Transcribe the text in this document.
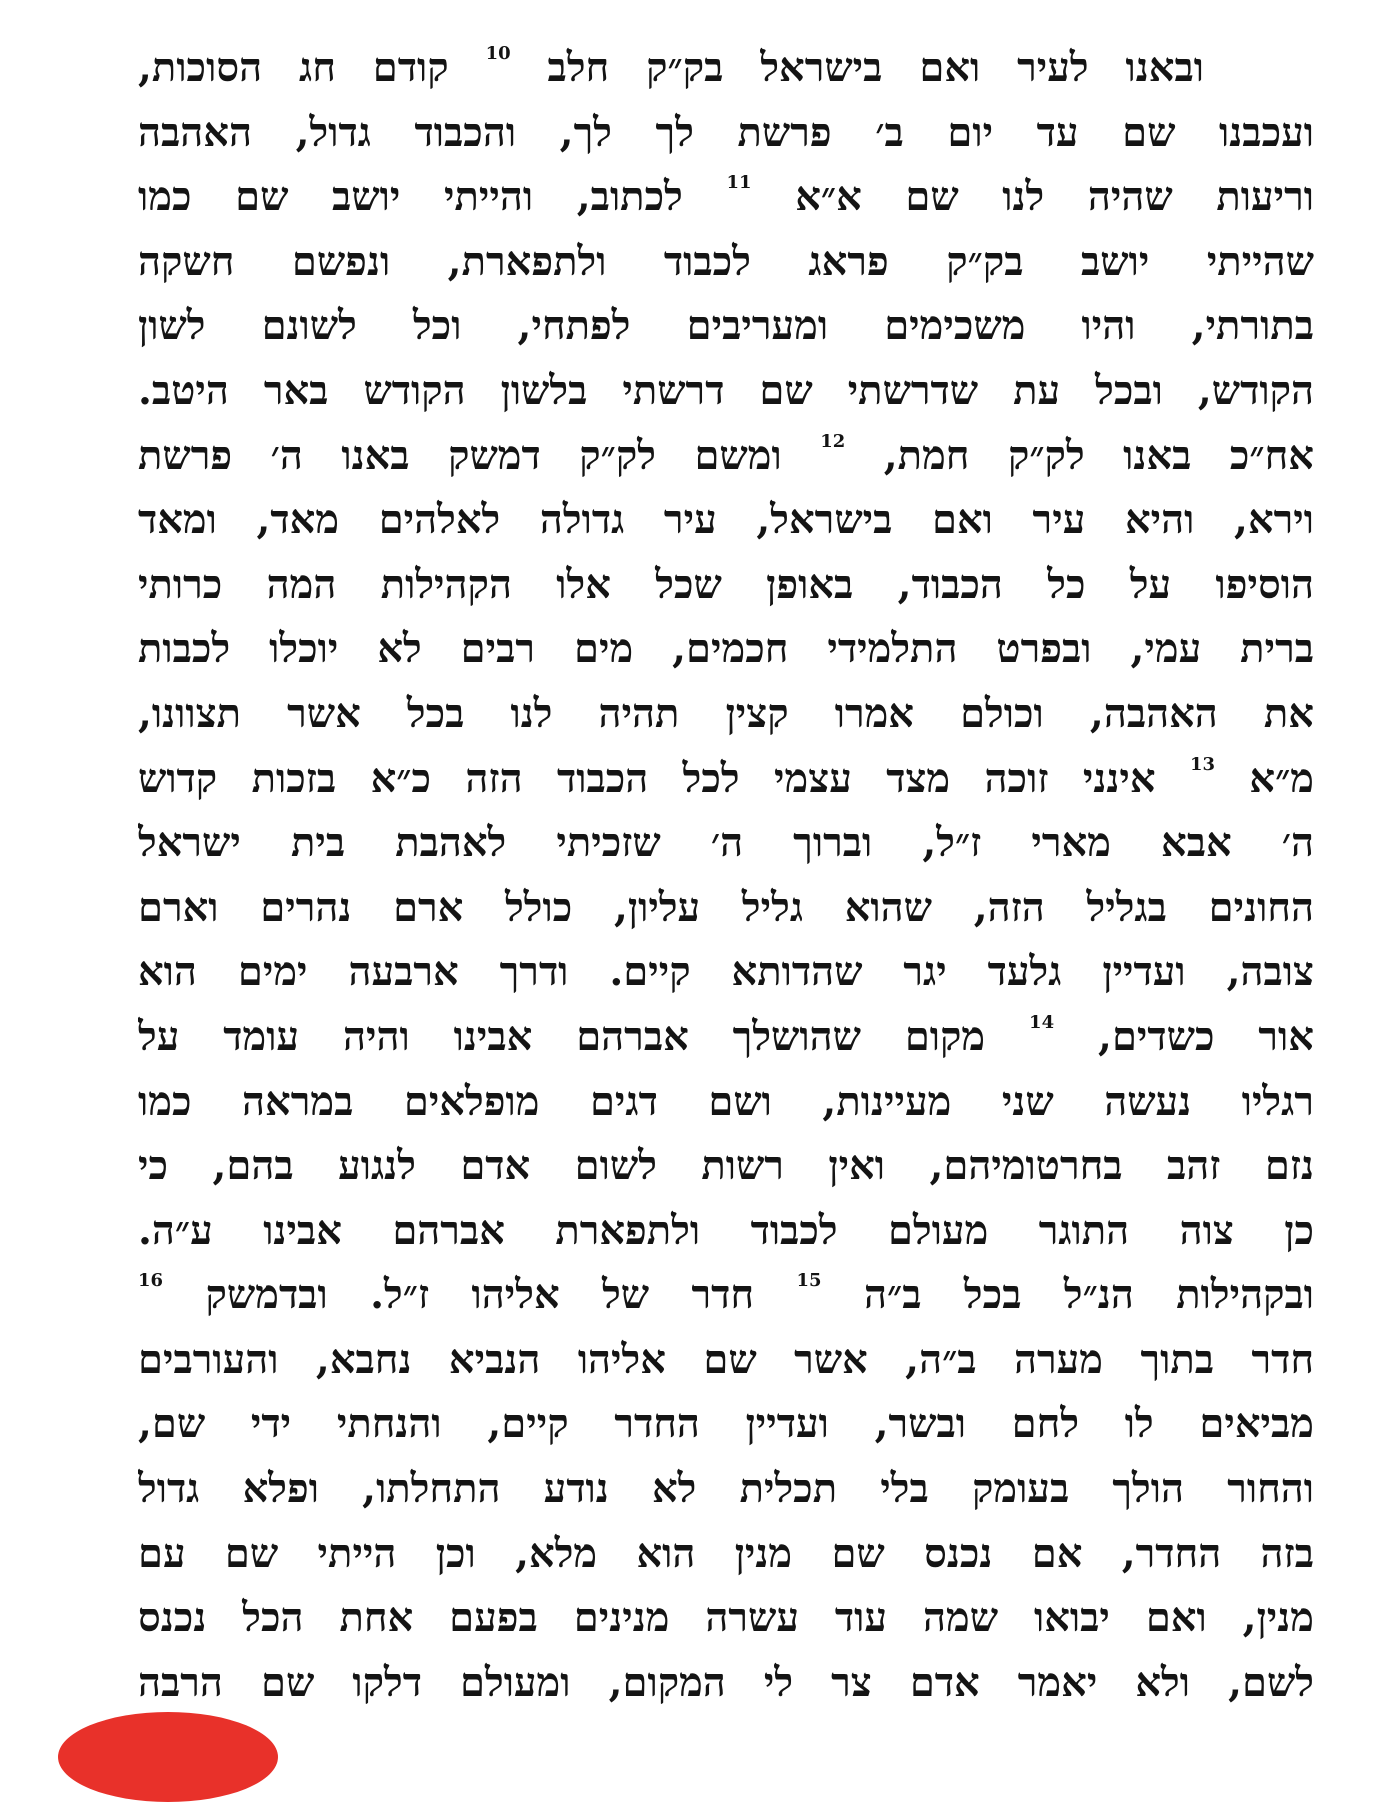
ובאנו לעיר ואם בישראל בק״ק חלב $^{10}$ קודם חג הסוכות,
ועכבנו שם עד יום ב׳ פרשת לך לך, והכבוד גדול, האהבה
וריעות שהיה לנו שם א״א $^{11}$ לכתוב, והייתי יושב שם כמו
שהייתי יושב בק״ק פראג לכבוד ולתפארת, ונפשם חשקה
בתורתי, והיו משכימים ומעריבים לפתחי, וכל לשונם לשון
הקודש, ובכל עת שדרשתי שם דרשתי בלשון הקודש באר היטב.
אח״כ באנו לק״ק חמת, $^{12}$ ומשם לק״ק דמשק באנו ה׳ פרשת
וירא, והיא עיר ואם בישראל, עיר גדולה לאלהים מאד, ומאד
הוסיפו על כל הכבוד, באופן שכל אלו הקהילות המה כרותי
ברית עמי, ובפרט התלמידי חכמים, מים רבים לא יוכלו לכבות
את האהבה, וכולם אמרו קצין תהיה לנו בכל אשר תצוונו,
מ״א $^{13}$ אינני זוכה מצד עצמי לכל הכבוד הזה כ״א בזכות קדוש
ה׳ אבא מארי ז״ל, וברוך ה׳ שזכיתי לאהבת בית ישראל
החונים בגליל הזה, שהוא גליל עליון, כולל ארם נהרים וארם
צובה, ועדיין גלעד יגר שהדותא קיים. ודרך ארבעה ימים הוא
אור כשדים, $^{14}$ מקום שהושלך אברהם אבינו והיה עומד על
רגליו נעשה שני מעיינות, ושם דגים מופלאים במראה כמו
נזם זהב בחרטומיהם, ואין רשות לשום אדם לנגוע בהם, כי
כן צוה התוגר מעולם לכבוד ולתפארת אברהם אבינו ע״ה.
ובקהילות הנ״ל בכל ב״ה $^{15}$ חדר של אליהו ז״ל. ובדמשק $^{16}$
חדר בתוך מערה ב״ה, אשר שם אליהו הנביא נחבא, והעורבים
מביאים לו לחם ובשר, ועדיין החדר קיים, והנחתי ידי שם,
והחור הולך בעומק בלי תכלית לא נודע התחלתו, ופלא גדול
בזה החדר, אם נכנס שם מנין הוא מלא, וכן הייתי שם עם
מנין, ואם יבואו שמה עוד עשרה מנינים בפעם אחת הכל נכנס
לשם, ולא יאמר אדם צר לי המקום, ומעולם דלקו שם הרבה
